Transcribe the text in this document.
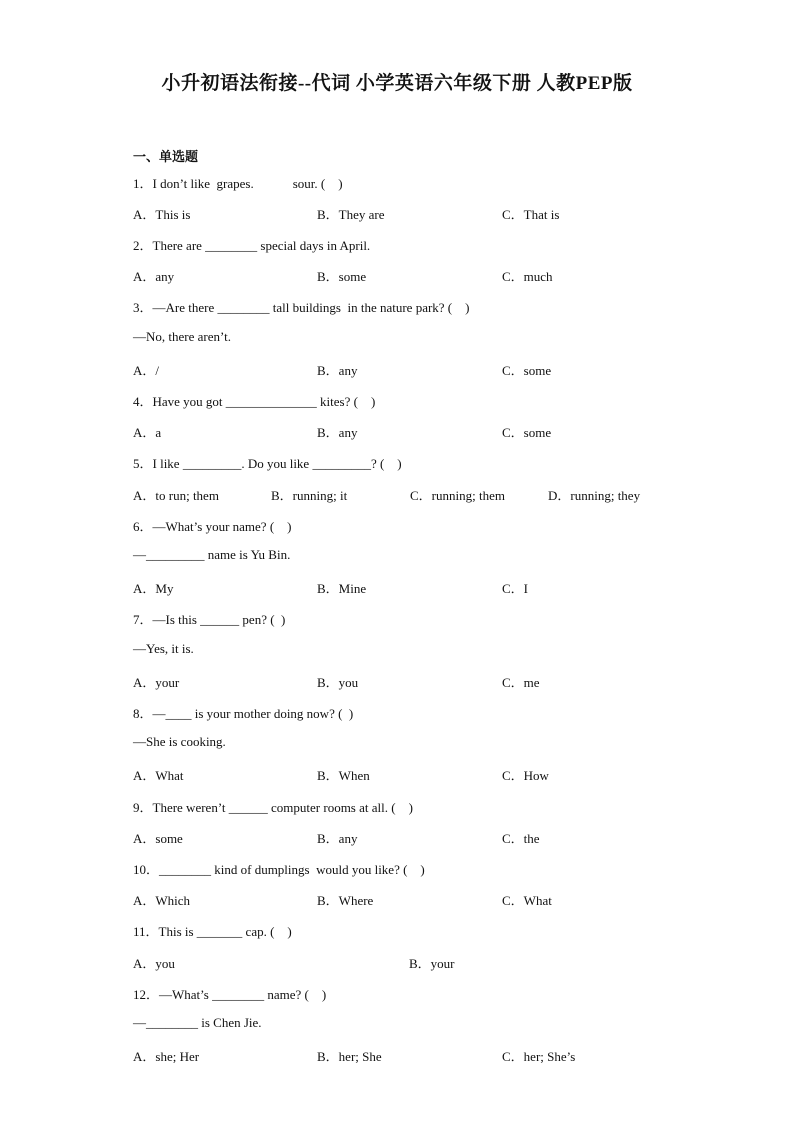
小升初语法衔接--代词 小学英语六年级下册 人教PEP版
一、单选题
1．I don’t like  grapes.            sour. (    )
A．This is	B．They are	C．That is
2．There are ________ special days in April.
A．any	B．some	C．much
3．—Are there ________ tall buildings  in the nature park? (    )
—No, there aren’t.
A．/	B．any	C．some
4．Have you got ______________ kites? (    )
A．a	B．any	C．some
5．I like _________. Do you like _________? (    )
A．to run; them	B．running; it	C．running; them	D．running; they
6．—What’s your name? (    )
—_________ name is Yu Bin.
A．My	B．Mine	C．I
7．—Is this ______ pen? (  )
—Yes, it is.
A．your	B．you	C．me
8．—____ is your mother doing now? (  )
—She is cooking.
A．What	B．When	C．How
9．There weren’t ______ computer rooms at all. (    )
A．some	B．any	C．the
10．________ kind of dumplings  would you like? (    )
A．Which	B．Where	C．What
11．This is _______ cap. (    )
A．you	B．your
12．—What’s ________ name? (    )
—________ is Chen Jie.
A．she; Her	B．her; She	C．her; She’s
